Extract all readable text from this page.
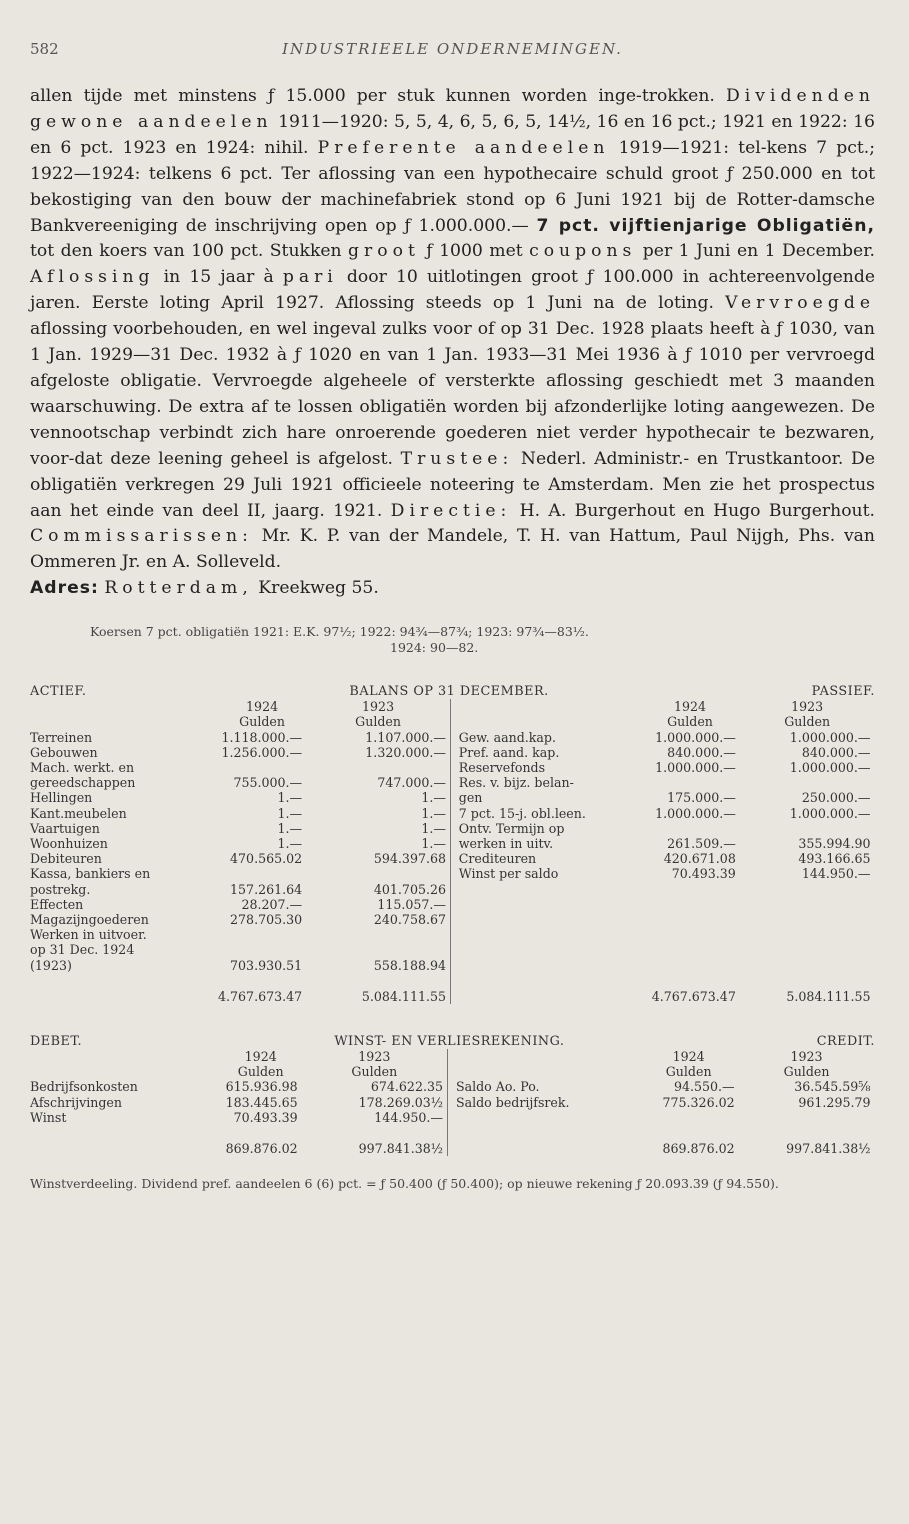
582	INDUSTRIEELE ONDERNEMINGEN.
allen tijde met minstens ƒ 15.000 per stuk kunnen worden inge-trokken. Dividenden gewone aandeelen 1911—1920: 5, 5, 4, 6, 5, 6, 5, 14½, 16 en 16 pct.; 1921 en 1922: 16 en 6 pct. 1923 en 1924: nihil. Preferente aandeelen 1919—1921: tel-kens 7 pct.; 1922—1924: telkens 6 pct. Ter aflossing van een hypothecaire schuld groot ƒ 250.000 en tot bekostiging van den bouw der machinefabriek stond op 6 Juni 1921 bij de Rotter-damsche Bankvereeniging de inschrijving open op ƒ 1.000.000.— 7 pct. vijftienjarige Obligatiën, tot den koers van 100 pct. Stukken groot ƒ 1000 met coupons per 1 Juni en 1 December. Aflossing in 15 jaar à pari door 10 uitlotingen groot ƒ 100.000 in achtereenvolgende jaren. Eerste loting April 1927. Aflossing steeds op 1 Juni na de loting. Vervroegde aflossing voorbehouden, en wel ingeval zulks voor of op 31 Dec. 1928 plaats heeft à ƒ 1030, van 1 Jan. 1929—31 Dec. 1932 à ƒ 1020 en van 1 Jan. 1933—31 Mei 1936 à ƒ 1010 per vervroegd afgeloste obligatie. Vervroegde algeheele of versterkte aflossing geschiedt met 3 maanden waarschuwing. De extra af te lossen obligatiën worden bij afzonderlijke loting aangewezen. De vennootschap verbindt zich hare onroerende goederen niet verder hypothecair te bezwaren, voor-dat deze leening geheel is afgelost. Trustee: Nederl. Administr.- en Trustkantoor. De obligatiën verkregen 29 Juli 1921 officieele noteering te Amsterdam. Men zie het prospectus aan het einde van deel II, jaarg. 1921. Directie: H. A. Burgerhout en Hugo Burgerhout. Commissarissen: Mr. K. P. van der Mandele, T. H. van Hattum, Paul Nijgh, Phs. van Ommeren Jr. en A. Solleveld.
Adres: Rotterdam, Kreekweg 55.
Koersen 7 pct. obligatiën 1921: E.K. 97½; 1922: 94¾—87¾; 1923: 97¾—83½.
1924: 90—82.
ACTIEF.	BALANS OP 31 DECEMBER.	PASSIEF.
	1924	1923			1924	1923
	Gulden	Gulden			Gulden	Gulden
Terreinen	1.118.000.—	1.107.000.—		Gew. aand.kap.	1.000.000.—	1.000.000.—
Gebouwen	1.256.000.—	1.320.000.—		Pref. aand. kap.	840.000.—	840.000.—
Mach. werkt. en				Reservefonds	1.000.000.—	1.000.000.—
gereedschappen	755.000.—	747.000.—		Res. v. bijz. belan-		
Hellingen	1.—	1.—		gen	175.000.—	250.000.—
Kant.meubelen	1.—	1.—		7 pct. 15-j. obl.leen.	1.000.000.—	1.000.000.—
Vaartuigen	1.—	1.—		Ontv. Termijn op		
Woonhuizen	1.—	1.—		werken in uitv.	261.509.—	355.994.90
Debiteuren	470.565.02	594.397.68		Crediteuren	420.671.08	493.166.65
Kassa, bankiers en				Winst per saldo	70.493.39	144.950.—
postrekg.	157.261.64	401.705.26				
Effecten	28.207.—	115.057.—				
Magazijngoederen	278.705.30	240.758.67				
Werken in uitvoer.						
op 31 Dec. 1924						
(1923)	703.930.51	558.188.94				
	4.767.673.47	5.084.111.55			4.767.673.47	5.084.111.55
DEBET.	WINST- EN VERLIESREKENING.	CREDIT.
	1924	1923			1924	1923
	Gulden	Gulden			Gulden	Gulden
Bedrijfsonkosten	615.936.98	674.622.35		Saldo Ao. Po.	94.550.—	36.545.59⅝
Afschrijvingen	183.445.65	178.269.03½		Saldo bedrijfsrek.	775.326.02	961.295.79
Winst	70.493.39	144.950.—				
	869.876.02	997.841.38½			869.876.02	997.841.38½
Winstverdeeling. Dividend pref. aandeelen 6 (6) pct. = ƒ 50.400 (ƒ 50.400); op nieuwe rekening ƒ 20.093.39 (ƒ 94.550).
